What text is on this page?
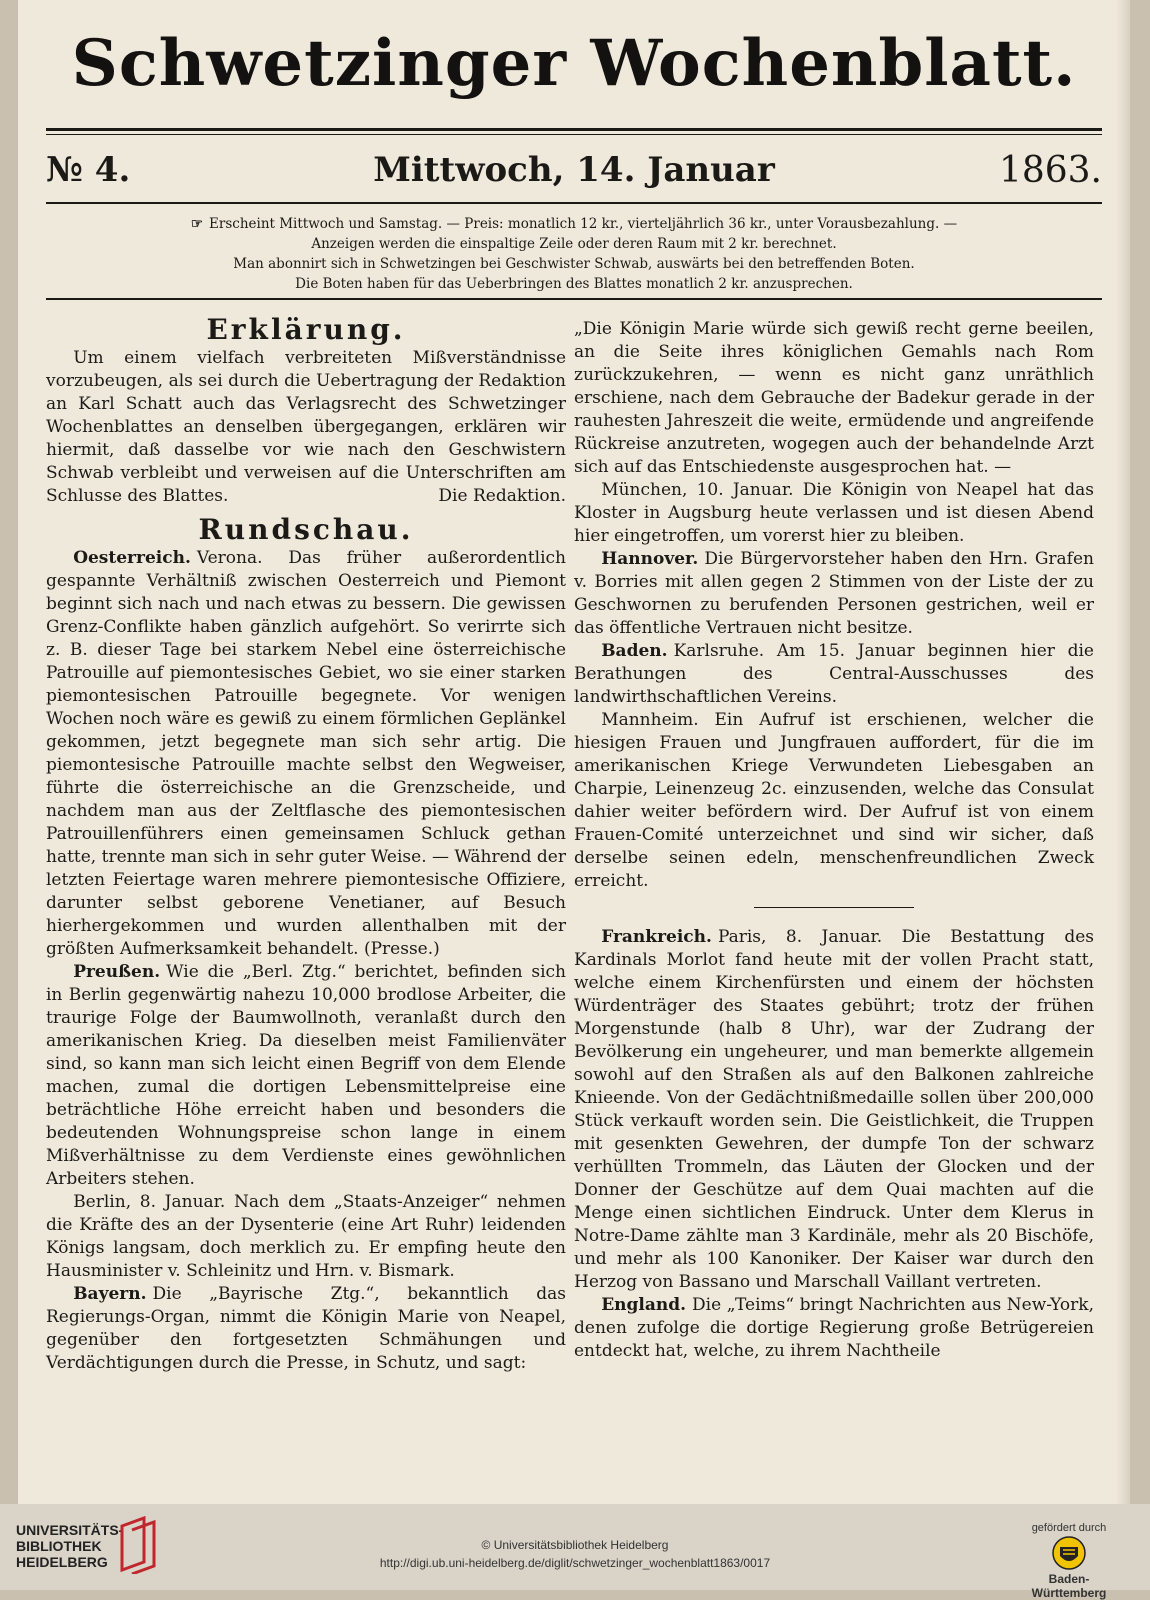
Schwetzinger Wochenblatt.
№ 4.	Mittwoch, 14. Januar	1863.
☞ Erscheint Mittwoch und Samstag. — Preis: monatlich 12 kr., vierteljährlich 36 kr., unter Vorausbezahlung. —
Anzeigen werden die einspaltige Zeile oder deren Raum mit 2 kr. berechnet.
Man abonnirt sich in Schwetzingen bei Geschwister Schwab, auswärts bei den betreffenden Boten.
Die Boten haben für das Ueberbringen des Blattes monatlich 2 kr. anzusprechen.
Erklärung.

Um einem vielfach verbreiteten Mißverständnisse vorzubeugen, als sei durch die Uebertragung der Redaktion an Karl Schatt auch das Verlagsrecht des Schwetzinger Wochenblattes an denselben übergegangen, erklären wir hiermit, daß dasselbe vor wie nach den Geschwistern Schwab verbleibt und verweisen auf die Unterschriften am Schlusse des Blattes.	Die Redaktion.

Rundschau.

Oesterreich. Verona. Das früher außerordentlich gespannte Verhältniß zwischen Oesterreich und Piemont beginnt sich nach und nach etwas zu bessern. Die gewissen Grenz-Conflikte haben gänzlich aufgehört. So verirrte sich z. B. dieser Tage bei starkem Nebel eine österreichische Patrouille auf piemontesisches Gebiet, wo sie einer starken piemontesischen Patrouille begegnete. Vor wenigen Wochen noch wäre es gewiß zu einem förmlichen Geplänkel gekommen, jetzt begegnete man sich sehr artig. Die piemontesische Patrouille machte selbst den Wegweiser, führte die österreichische an die Grenzscheide, und nachdem man aus der Zeltflasche des piemontesischen Patrouillenführers einen gemeinsamen Schluck gethan hatte, trennte man sich in sehr guter Weise. — Während der letzten Feiertage waren mehrere piemontesische Offiziere, darunter selbst geborene Venetianer, auf Besuch hierhergekommen und wurden allenthalben mit der größten Aufmerksamkeit behandelt. (Presse.)

Preußen. Wie die „Berl. Ztg.“ berichtet, befinden sich in Berlin gegenwärtig nahezu 10,000 brodlose Arbeiter, die traurige Folge der Baumwollnoth, veranlaßt durch den amerikanischen Krieg. Da dieselben meist Familienväter sind, so kann man sich leicht einen Begriff von dem Elende machen, zumal die dortigen Lebensmittelpreise eine beträchtliche Höhe erreicht haben und besonders die bedeutenden Wohnungspreise schon lange in einem Mißverhältnisse zu dem Verdienste eines gewöhnlichen Arbeiters stehen.

Berlin, 8. Januar. Nach dem „Staats-Anzeiger“ nehmen die Kräfte des an der Dysenterie (eine Art Ruhr) leidenden Königs langsam, doch merklich zu. Er empfing heute den Hausminister v. Schleinitz und Hrn. v. Bismark.

Bayern. Die „Bayrische Ztg.“, bekanntlich das Regierungs-Organ, nimmt die Königin Marie von Neapel, gegenüber den fortgesetzten Schmähungen und Verdächtigungen durch die Presse, in Schutz, und sagt:

„Die Königin Marie würde sich gewiß recht gerne beeilen, an die Seite ihres königlichen Gemahls nach Rom zurückzukehren, — wenn es nicht ganz unräthlich erschiene, nach dem Gebrauche der Badekur gerade in der rauhesten Jahreszeit die weite, ermüdende und angreifende Rückreise anzutreten, wogegen auch der behandelnde Arzt sich auf das Entschiedenste ausgesprochen hat. —

München, 10. Januar. Die Königin von Neapel hat das Kloster in Augsburg heute verlassen und ist diesen Abend hier eingetroffen, um vorerst hier zu bleiben.

Hannover. Die Bürgervorsteher haben den Hrn. Grafen v. Borries mit allen gegen 2 Stimmen von der Liste der zu Geschwornen zu berufenden Personen gestrichen, weil er das öffentliche Vertrauen nicht besitze.

Baden. Karlsruhe. Am 15. Januar beginnen hier die Berathungen des Central-Ausschusses des landwirthschaftlichen Vereins.

Mannheim. Ein Aufruf ist erschienen, welcher die hiesigen Frauen und Jungfrauen auffordert, für die im amerikanischen Kriege Verwundeten Liebesgaben an Charpie, Leinenzeug 2c. einzusenden, welche das Consulat dahier weiter befördern wird. Der Aufruf ist von einem Frauen-Comité unterzeichnet und sind wir sicher, daß derselbe seinen edeln, menschenfreundlichen Zweck erreicht.

Frankreich. Paris, 8. Januar. Die Bestattung des Kardinals Morlot fand heute mit der vollen Pracht statt, welche einem Kirchenfürsten und einem der höchsten Würdenträger des Staates gebührt; trotz der frühen Morgenstunde (halb 8 Uhr), war der Zudrang der Bevölkerung ein ungeheurer, und man bemerkte allgemein sowohl auf den Straßen als auf den Balkonen zahlreiche Knieende. Von der Gedächtnißmedaille sollen über 200,000 Stück verkauft worden sein. Die Geistlichkeit, die Truppen mit gesenkten Gewehren, der dumpfe Ton der schwarz verhüllten Trommeln, das Läuten der Glocken und der Donner der Geschütze auf dem Quai machten auf die Menge einen sichtlichen Eindruck. Unter dem Klerus in Notre-Dame zählte man 3 Kardinäle, mehr als 20 Bischöfe, und mehr als 100 Kanoniker. Der Kaiser war durch den Herzog von Bassano und Marschall Vaillant vertreten.

England. Die „Teims“ bringt Nachrichten aus New-York, denen zufolge die dortige Regierung große Betrügereien entdeckt hat, welche, zu ihrem Nachtheile

UNIVERSITÄTS-
BIBLIOTHEK
HEIDELBERG
© Universitätsbibliothek Heidelberg
http://digi.ub.uni-heidelberg.de/diglit/schwetzinger_wochenblatt1863/0017
gefördert durch
Baden-Württemberg
